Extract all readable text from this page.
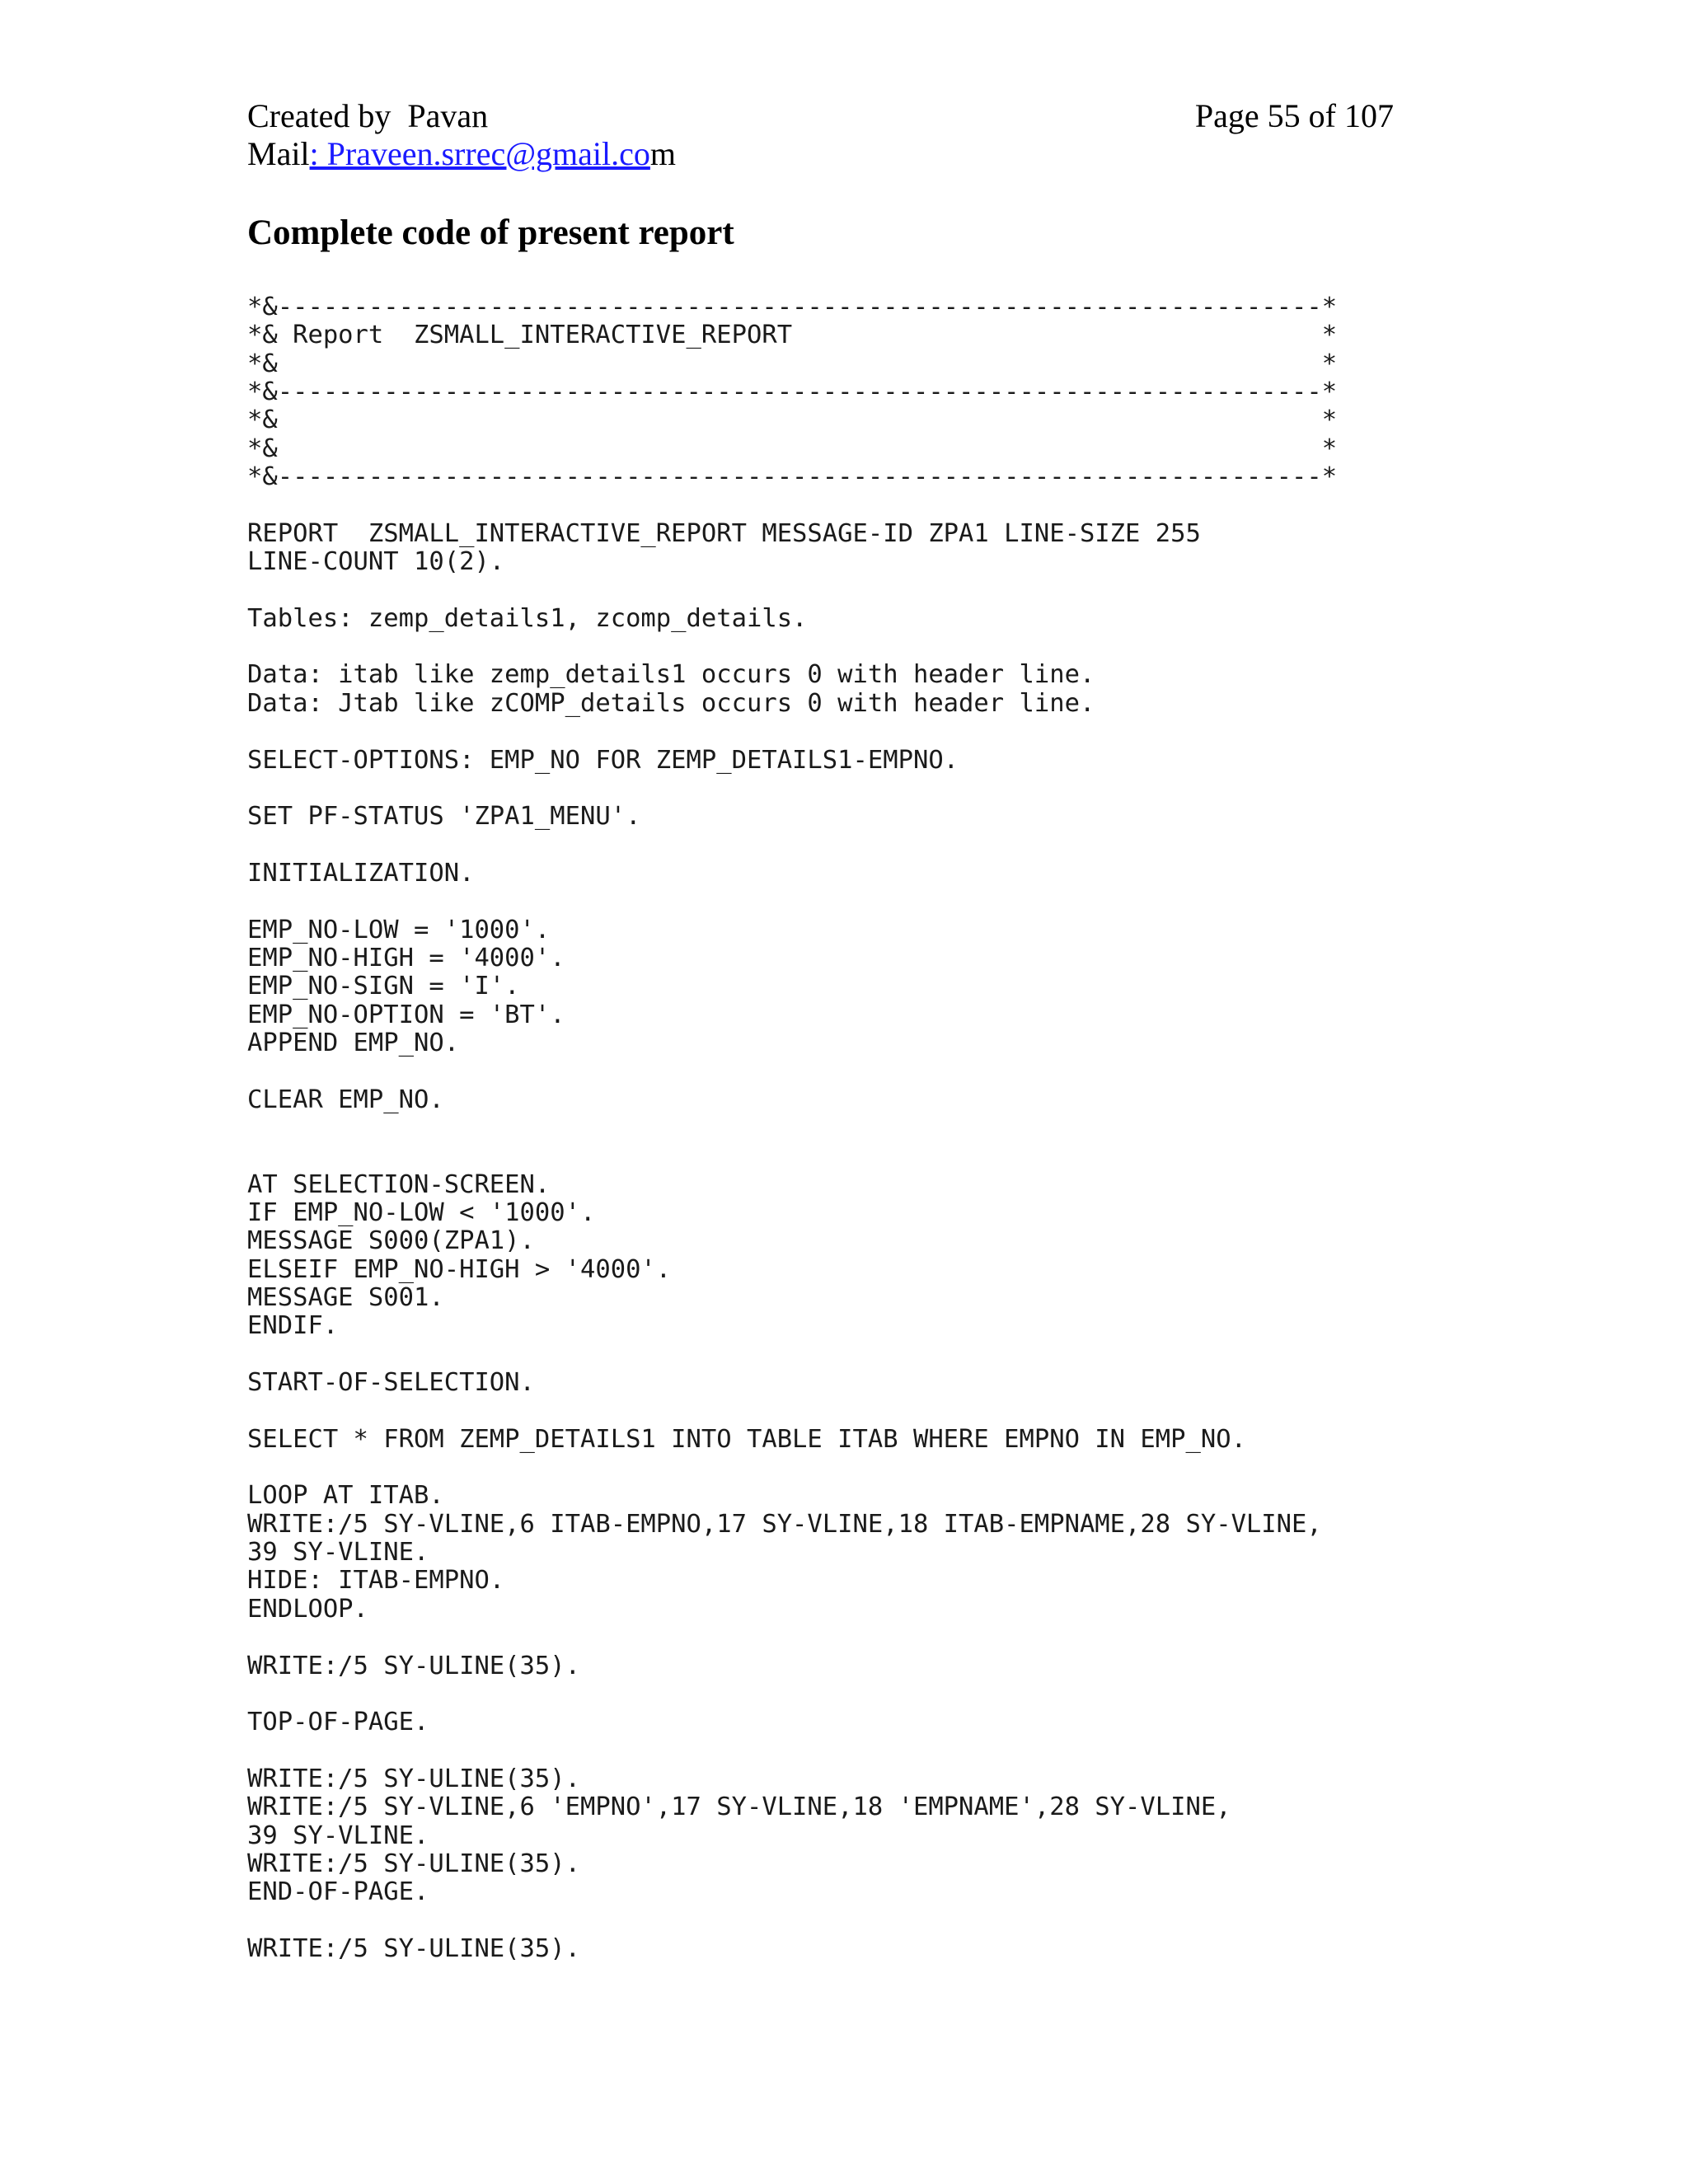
Created by  Pavan
Mail: Praveen.srrec@gmail.com
Page 55 of 107
Complete code of present report
*&---------------------------------------------------------------------*
*& Report  ZSMALL_INTERACTIVE_REPORT                                   *
*&                                                                     *
*&---------------------------------------------------------------------*
*&                                                                     *
*&                                                                     *
*&---------------------------------------------------------------------*
REPORT  ZSMALL_INTERACTIVE_REPORT MESSAGE-ID ZPA1 LINE-SIZE 255
LINE-COUNT 10(2).
Tables: zemp_details1, zcomp_details.
Data: itab like zemp_details1 occurs 0 with header line.
Data: Jtab like zCOMP_details occurs 0 with header line.
SELECT-OPTIONS: EMP_NO FOR ZEMP_DETAILS1-EMPNO.
SET PF-STATUS 'ZPA1_MENU'.
INITIALIZATION.
EMP_NO-LOW = '1000'.
EMP_NO-HIGH = '4000'.
EMP_NO-SIGN = 'I'.
EMP_NO-OPTION = 'BT'.
APPEND EMP_NO.
CLEAR EMP_NO.
AT SELECTION-SCREEN.
IF EMP_NO-LOW < '1000'.
MESSAGE S000(ZPA1).
ELSEIF EMP_NO-HIGH > '4000'.
MESSAGE S001.
ENDIF.
START-OF-SELECTION.
SELECT * FROM ZEMP_DETAILS1 INTO TABLE ITAB WHERE EMPNO IN EMP_NO.
LOOP AT ITAB.
WRITE:/5 SY-VLINE,6 ITAB-EMPNO,17 SY-VLINE,18 ITAB-EMPNAME,28 SY-VLINE,
39 SY-VLINE.
HIDE: ITAB-EMPNO.
ENDLOOP.
WRITE:/5 SY-ULINE(35).
TOP-OF-PAGE.
WRITE:/5 SY-ULINE(35).
WRITE:/5 SY-VLINE,6 'EMPNO',17 SY-VLINE,18 'EMPNAME',28 SY-VLINE,
39 SY-VLINE.
WRITE:/5 SY-ULINE(35).
END-OF-PAGE.
WRITE:/5 SY-ULINE(35).
